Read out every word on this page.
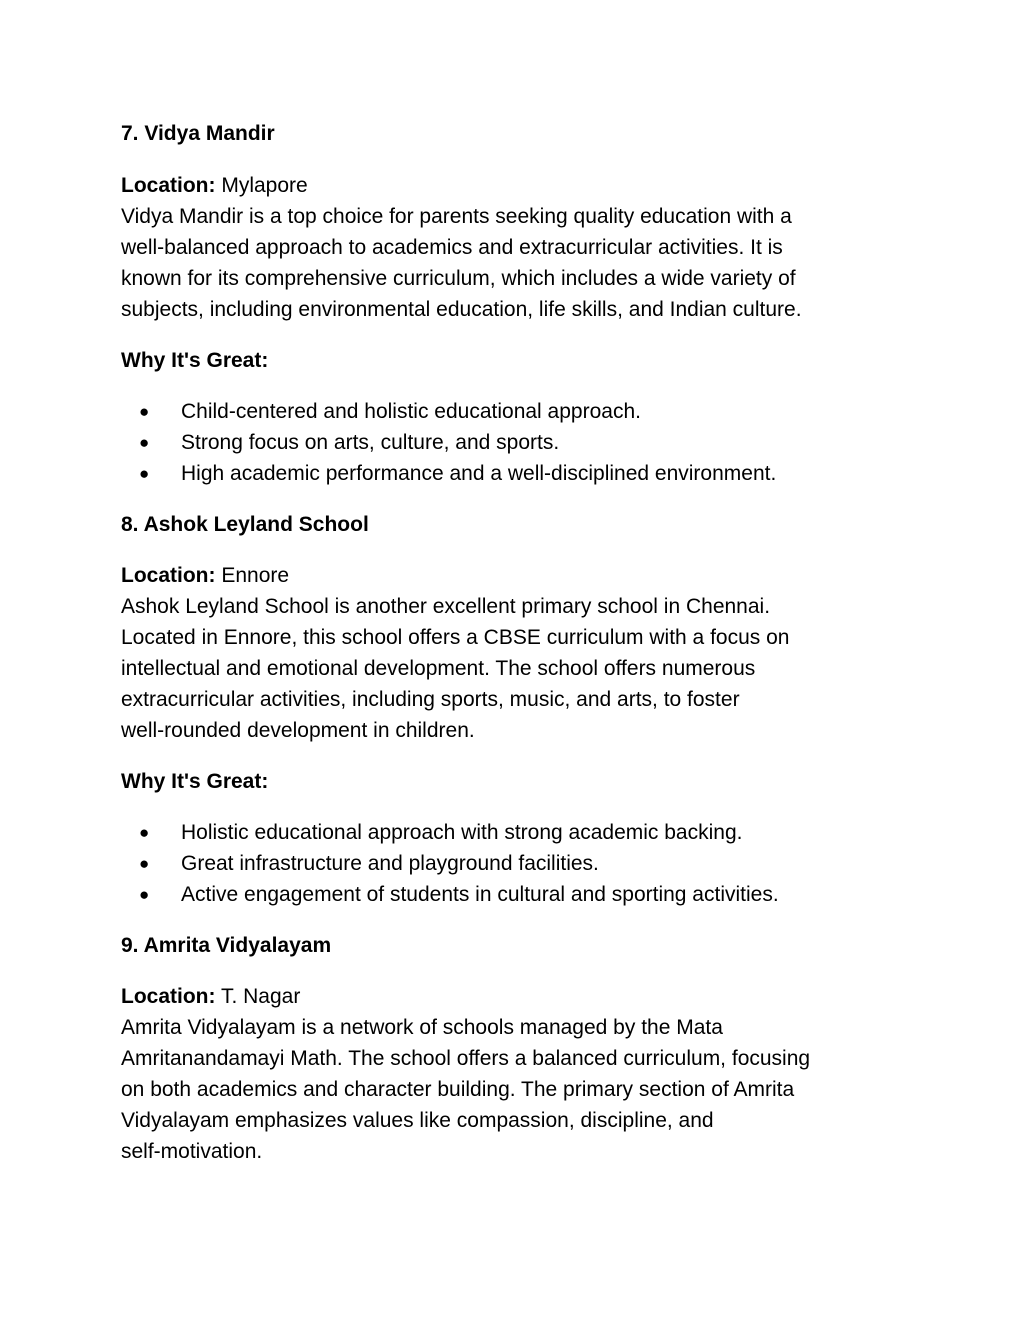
7. Vidya Mandir
Location: Mylapore
Vidya Mandir is a top choice for parents seeking quality education with a
well-balanced approach to academics and extracurricular activities. It is
known for its comprehensive curriculum, which includes a wide variety of
subjects, including environmental education, life skills, and Indian culture.
Why It's Great:
● Child-centered and holistic educational approach.
● Strong focus on arts, culture, and sports.
● High academic performance and a well-disciplined environment.
8. Ashok Leyland School
Location: Ennore
Ashok Leyland School is another excellent primary school in Chennai.
Located in Ennore, this school offers a CBSE curriculum with a focus on
intellectual and emotional development. The school offers numerous
extracurricular activities, including sports, music, and arts, to foster
well-rounded development in children.
Why It's Great:
● Holistic educational approach with strong academic backing.
● Great infrastructure and playground facilities.
● Active engagement of students in cultural and sporting activities.
9. Amrita Vidyalayam
Location: T. Nagar
Amrita Vidyalayam is a network of schools managed by the Mata
Amritanandamayi Math. The school offers a balanced curriculum, focusing
on both academics and character building. The primary section of Amrita
Vidyalayam emphasizes values like compassion, discipline, and
self-motivation.
